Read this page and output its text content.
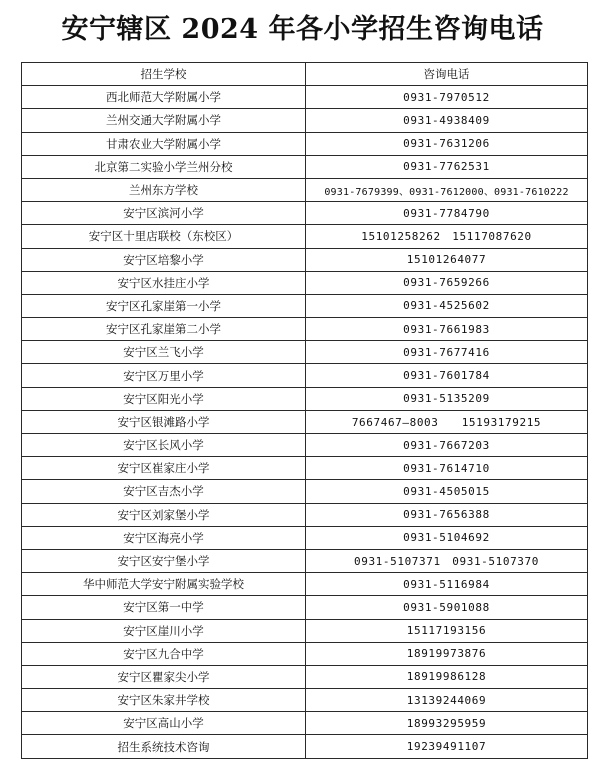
安宁辖区 2024 年各小学招生咨询电话
招生学校	咨询电话
西北师范大学附属小学	0931-7970512
兰州交通大学附属小学	0931-4938409
甘肃农业大学附属小学	0931-7631206
北京第二实验小学兰州分校	0931-7762531
兰州东方学校	0931-7679399、0931-7612000、0931-7610222
安宁区滨河小学	0931-7784790
安宁区十里店联校（东校区）	15101258262　15117087620
安宁区培黎小学	15101264077
安宁区水挂庄小学	0931-7659266
安宁区孔家崖第一小学	0931-4525602
安宁区孔家崖第二小学	0931-7661983
安宁区兰飞小学	0931-7677416
安宁区万里小学	0931-7601784
安宁区阳光小学	0931-5135209
安宁区银滩路小学	7667467—8003　　15193179215
安宁区长风小学	0931-7667203
安宁区崔家庄小学	0931-7614710
安宁区吉杰小学	0931-4505015
安宁区刘家堡小学	0931-7656388
安宁区海亮小学	0931-5104692
安宁区安宁堡小学	0931-5107371　0931-5107370
华中师范大学安宁附属实验学校	0931-5116984
安宁区第一中学	0931-5901088
安宁区崖川小学	15117193156
安宁区九合中学	18919973876
安宁区瞿家尖小学	18919986128
安宁区朱家井学校	13139244069
安宁区高山小学	18993295959
招生系统技术咨询	19239491107
